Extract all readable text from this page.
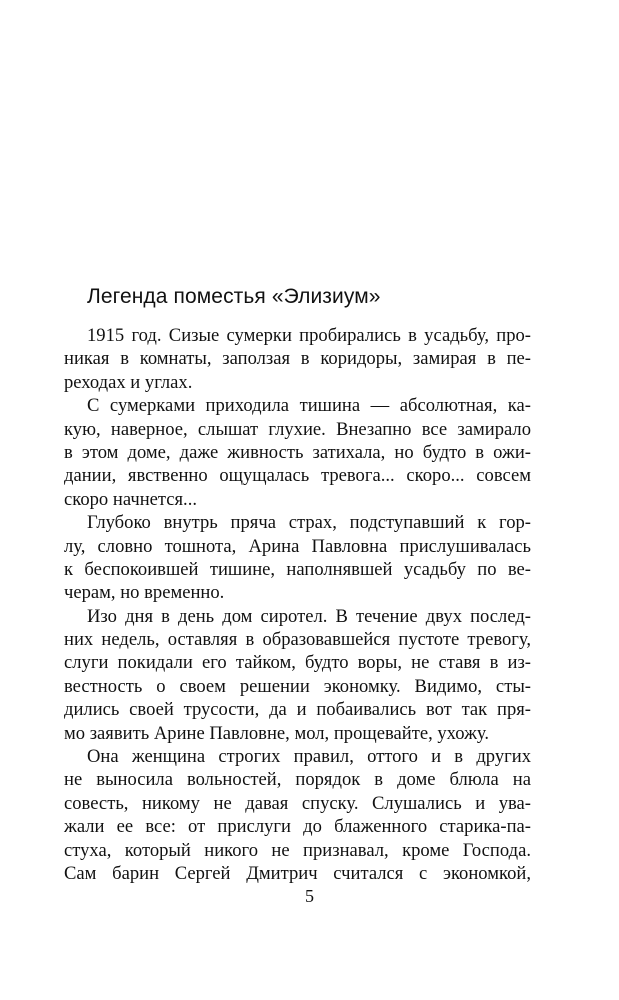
Легенда поместья «Элизиум»
1915 год. Сизые сумерки пробирались в усадьбу, про-
никая в комнаты, заползая в коридоры, замирая в пе-
реходах и углах.
С сумерками приходила тишина — абсолютная, ка-
кую, наверное, слышат глухие. Внезапно все замирало
в этом доме, даже живность затихала, но будто в ожи-
дании, явственно ощущалась тревога... скоро... совсем
скоро начнется...
Глубоко внутрь пряча страх, подступавший к гор-
лу, словно тошнота, Арина Павловна прислушивалась
к беспокоившей тишине, наполнявшей усадьбу по ве-
черам, но временно.
Изо дня в день дом сиротел. В течение двух послед-
них недель, оставляя в образовавшейся пустоте тревогу,
слуги покидали его тайком, будто воры, не ставя в из-
вестность о своем решении экономку. Видимо, сты-
дились своей трусости, да и побаивались вот так пря-
мо заявить Арине Павловне, мол, прощевайте, ухожу.
Она женщина строгих правил, оттого и в других
не выносила вольностей, порядок в доме блюла на
совесть, никому не давая спуску. Слушались и ува-
жали ее все: от прислуги до блаженного старика-па-
стуха, который никого не признавал, кроме Господа.
Сам барин Сергей Дмитрич считался с экономкой,
5
